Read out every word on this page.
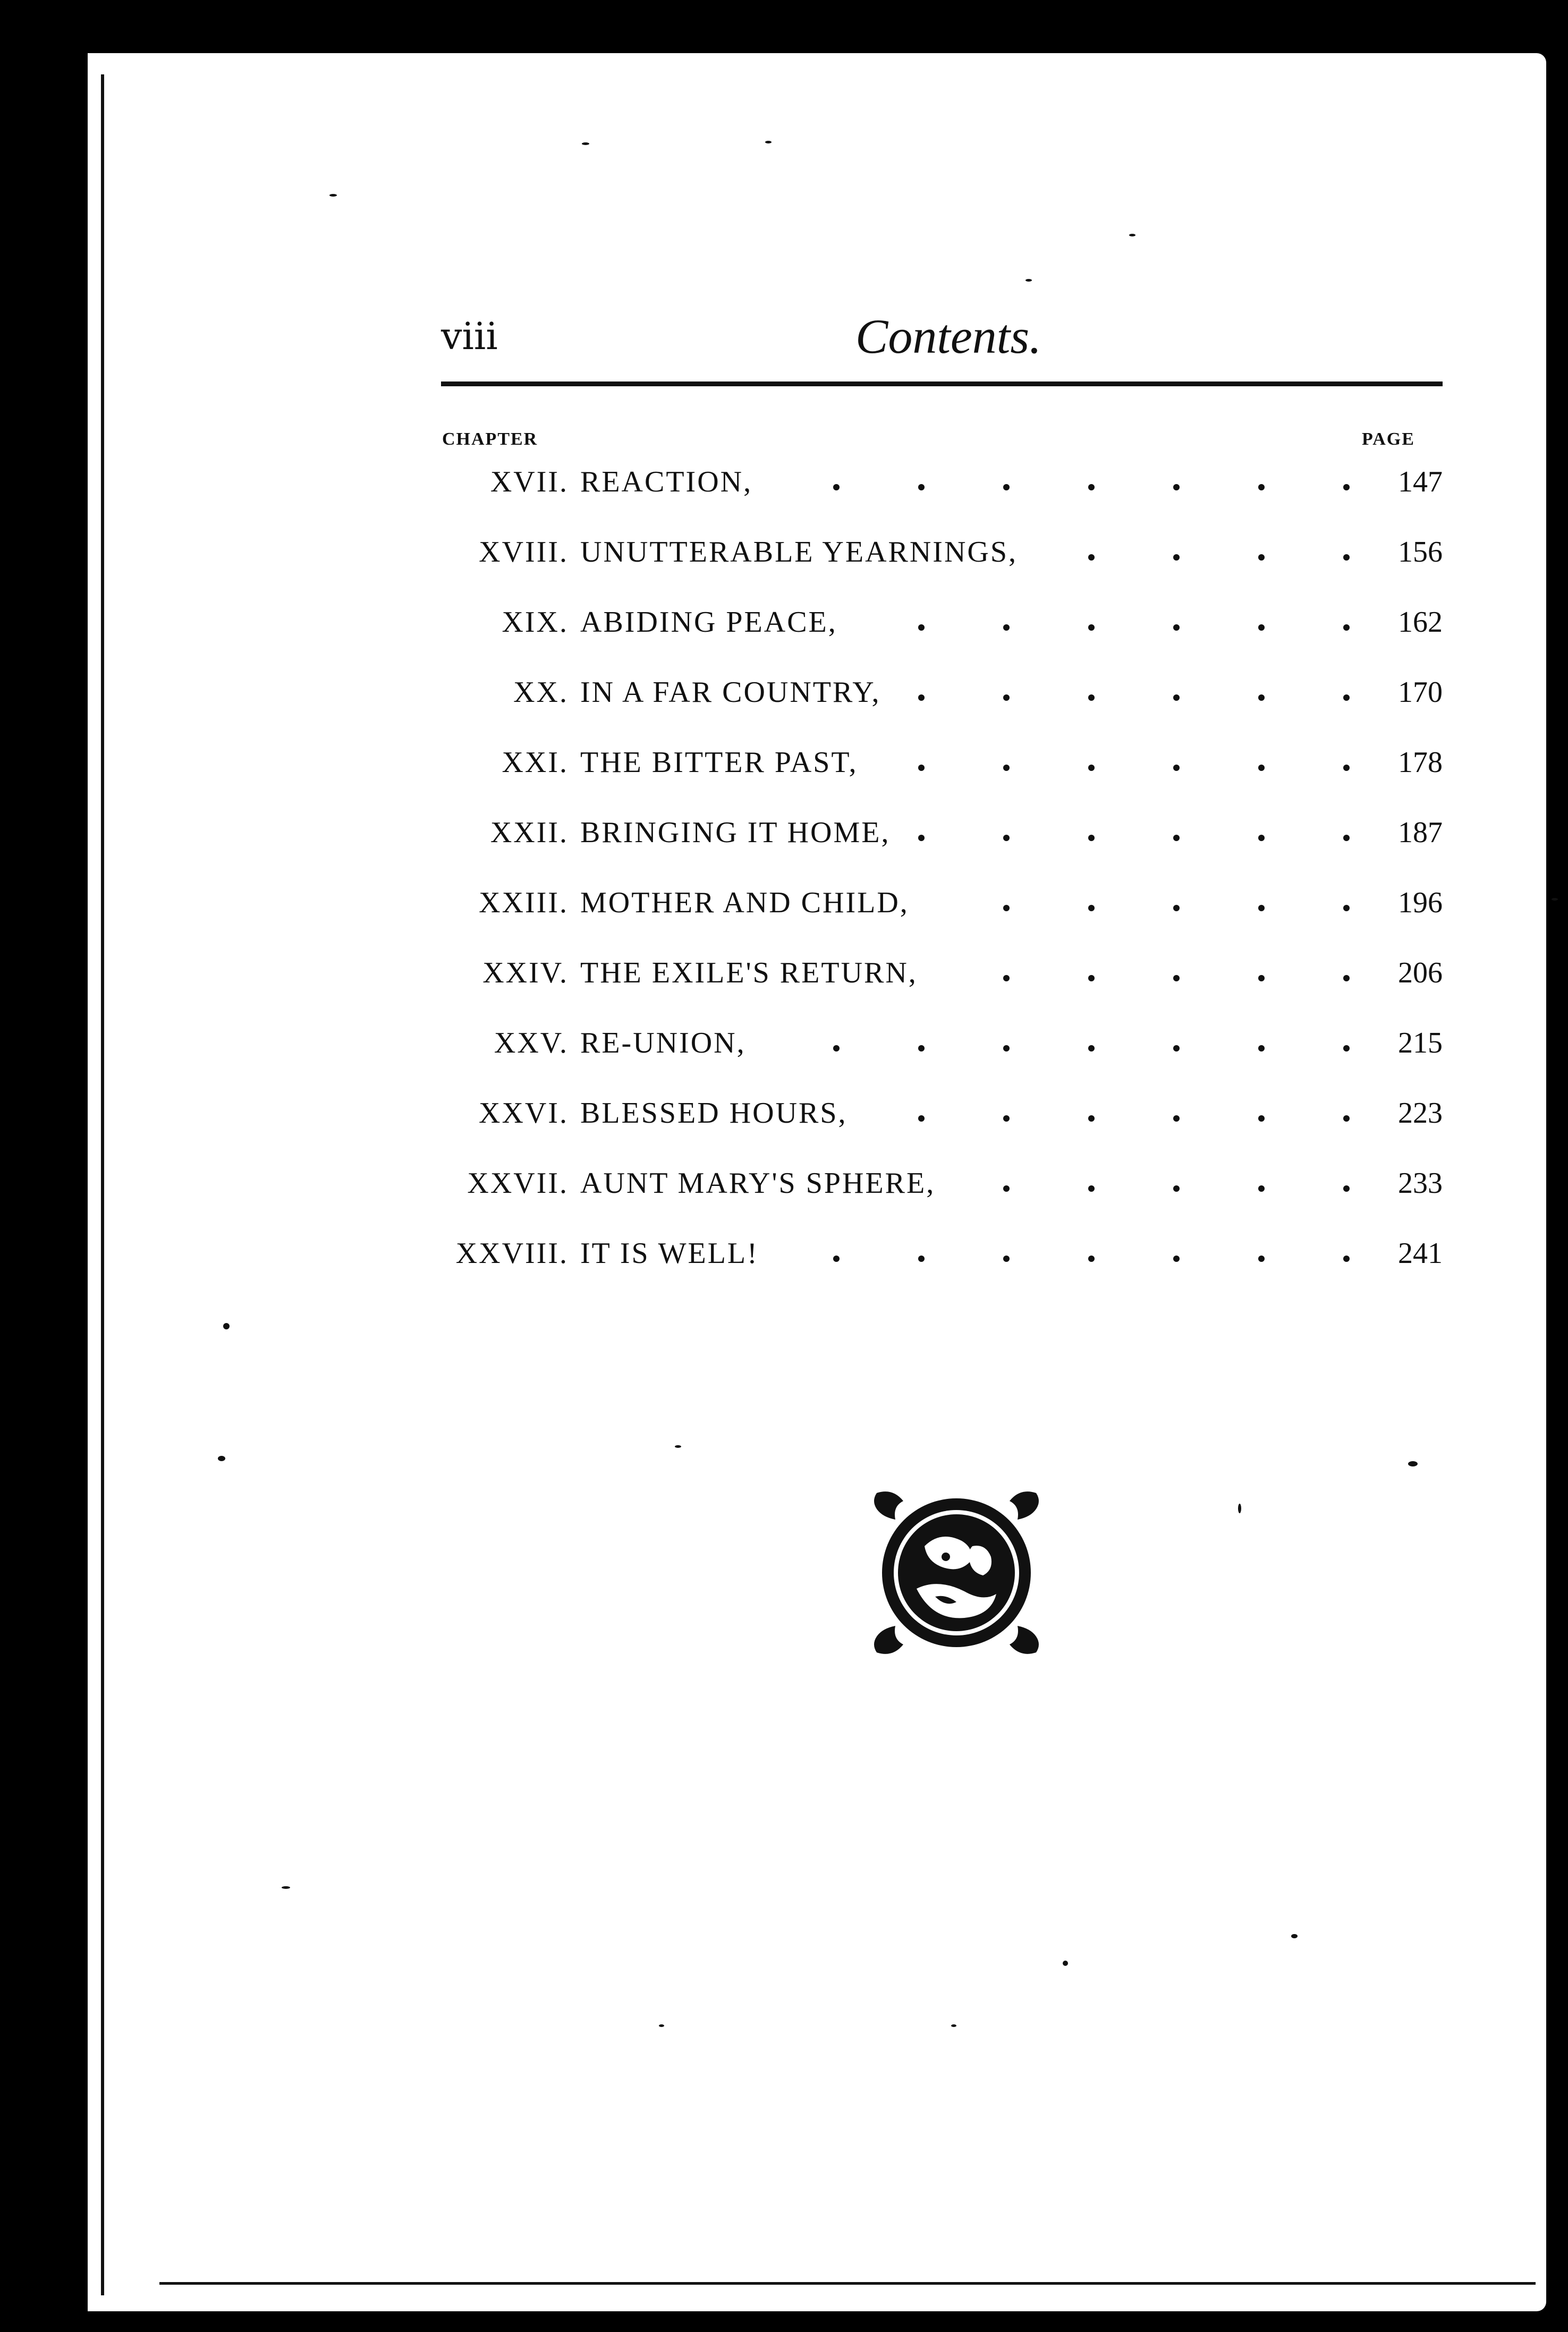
viii	Contents.
CHAPTER	PAGE
XVII. REACTION,	147
XVIII. UNUTTERABLE YEARNINGS,	156
XIX. ABIDING PEACE,	162
XX. IN A FAR COUNTRY,	170
XXI. THE BITTER PAST,	178
XXII. BRINGING IT HOME,	187
XXIII. MOTHER AND CHILD,	196
XXIV. THE EXILE'S RETURN,	206
XXV. RE-UNION,	215
XXVI. BLESSED HOURS,	223
XXVII. AUNT MARY'S SPHERE,	233
XXVIII. IT IS WELL!	241
